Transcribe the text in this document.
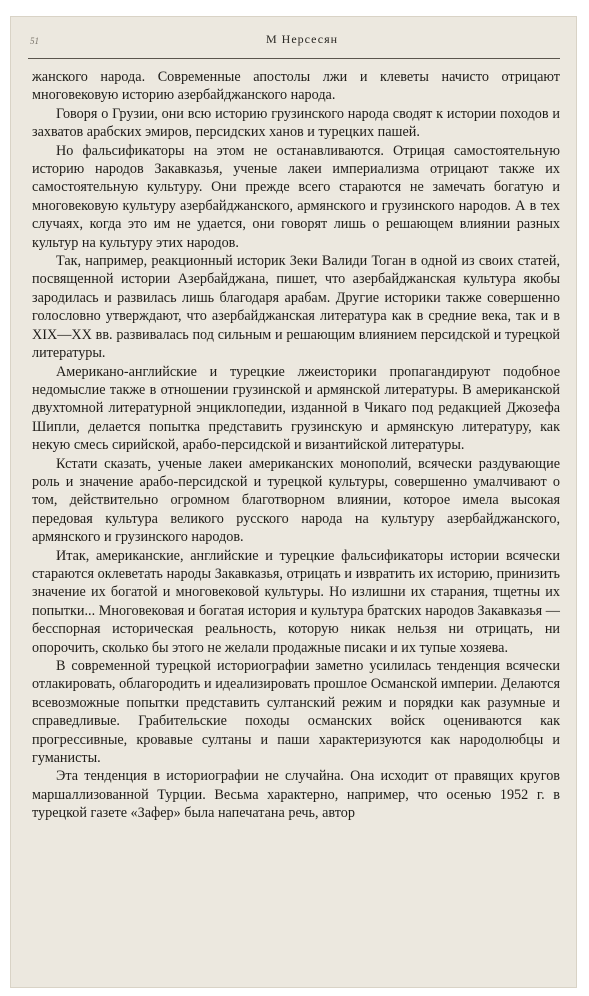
51	М Нерсесян

жанского народа. Современные апостолы лжи и клеветы начисто отрицают многовековую историю азербайджанского народа.

Говоря о Грузии, они всю историю грузинского народа сводят к истории походов и захватов арабских эмиров, персидских ханов и турецких пашей.

Но фальсификаторы на этом не останавливаются. Отрицая самостоятельную историю народов Закавказья, ученые лакеи империализма отрицают также их самостоятельную культуру. Они прежде всего стараются не замечать богатую и многовековую культуру азербайджанского, армянского и грузинского народов. А в тех случаях, когда это им не удается, они говорят лишь о решающем влиянии разных культур на культуру этих народов.

Так, например, реакционный историк Зеки Валиди Тоган в одной из своих статей, посвященной истории Азербайджана, пишет, что азербайджанская культура якобы зародилась и развилась лишь благодаря арабам. Другие историки также совершенно голословно утверждают, что азербайджанская литература как в средние века, так и в XIX—XX вв. развивалась под сильным и решающим влиянием персидской и турецкой литературы.

Американо-английские и турецкие лжеисторики пропагандируют подобное недомыслие также в отношении грузинской и армянской литературы. В американской двухтомной литературной энциклопедии, изданной в Чикаго под редакцией Джозефа Шипли, делается попытка представить грузинскую и армянскую литературу, как некую смесь сирийской, арабо-персидской и византийской литературы.

Кстати сказать, ученые лакеи американских монополий, всячески раздувающие роль и значение арабо-персидской и турецкой культуры, совершенно умалчивают о том, действительно огромном благотворном влиянии, которое имела высокая передовая культура великого русского народа на культуру азербайджанского, армянского и грузинского народов.

Итак, американские, английские и турецкие фальсификаторы истории всячески стараются оклеветать народы Закавказья, отрицать и извратить их историю, принизить значение их богатой и многовековой культуры. Но излишни их старания, тщетны их попытки... Многовековая и богатая история и культура братских народов Закавказья — бесспорная историческая реальность, которую никак нельзя ни отрицать, ни опорочить, сколько бы этого не желали продажные писаки и их тупые хозяева.

В современной турецкой историографии заметно усилилась тенденция всячески отлакировать, облагородить и идеализировать прошлое Османской империи. Делаются всевозможные попытки представить султанский режим и порядки как разумные и справедливые. Грабительские походы османских войск оцениваются как прогрессивные, кровавые султаны и паши характеризуются как народолюбцы и гуманисты.

Эта тенденция в историографии не случайна. Она исходит от правящих кругов маршаллизованной Турции. Весьма характерно, например, что осенью 1952 г. в турецкой газете «Зафер» была напечатана речь, автор
